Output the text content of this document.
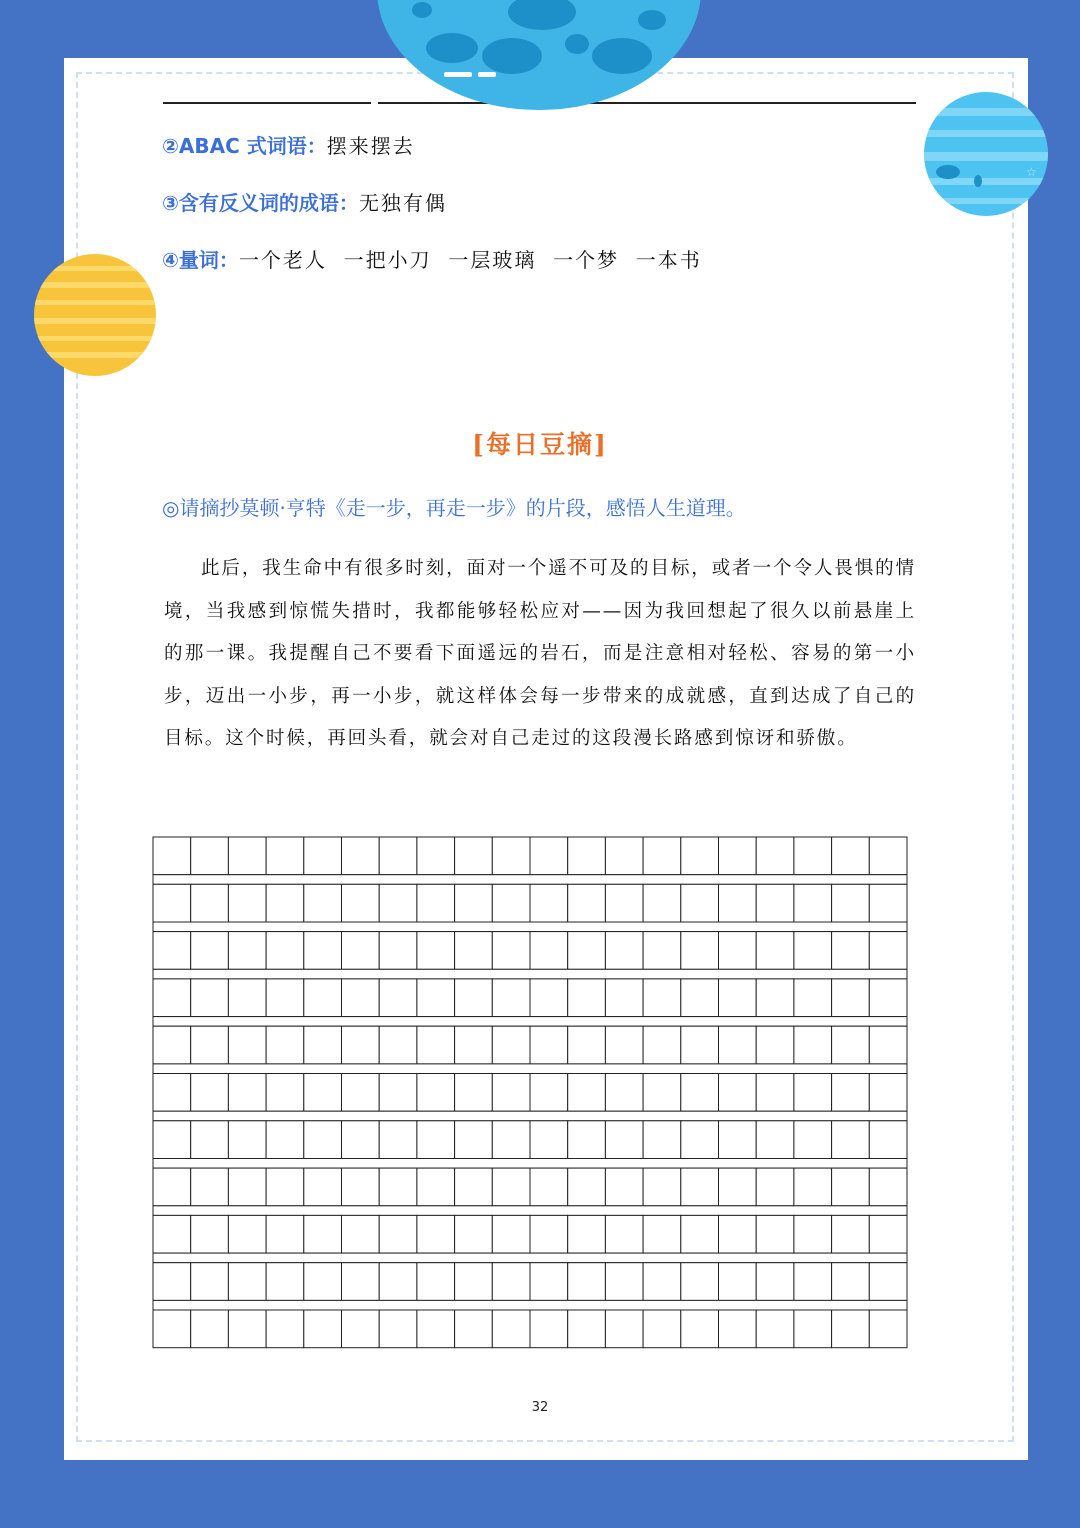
☆
②ABAC 式词语：摆来摆去
③含有反义词的成语：无独有偶
④量词：一个老人  一把小刀  一层玻璃  一个梦  一本书
[每日豆摘]
◎请摘抄莫顿·亨特《走一步，再走一步》的片段，感悟人生道理。

此后，我生命中有很多时刻，面对一个遥不可及的目标，或者一个令人畏惧的情境，当我感到惊慌失措时，我都能够轻松应对——因为我回想起了很久以前悬崖上的那一课。我提醒自己不要看下面遥远的岩石，而是注意相对轻松、容易的第一小步，迈出一小步，再一小步，就这样体会每一步带来的成就感，直到达成了自己的目标。这个时候，再回头看，就会对自己走过的这段漫长路感到惊讶和骄傲。

32
